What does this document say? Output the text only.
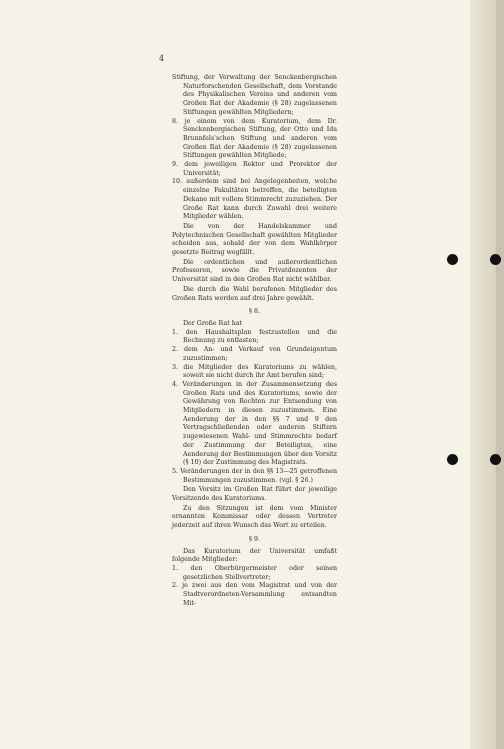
4

Stiftung, der Verwaltung der Senckenbergischen Naturforschenden Gesellschaft, dem Vorstande des Physikalischen Vereins und anderen vom Großen Rat der Akademie (§ 28) zugelassenen Stiftungen gewählten Mitgliedern;

8. je einem von dem Kuratorium, dem Dr. Senckenbergischen Stiftung, der Otto und Ida Brunnfels'schen Stiftung und anderen vom Großen Rat der Akademie (§ 28) zugelassenen Stiftungen gewählten Mitgliede;

9. dem jeweiligen Rektor und Prorektor der Universität;

10. außerdem sind bei Angelegenheiten, welche einzelne Fakultäten betreffen, die beteiligten Dekane mit vollem Stimmrecht zuzuziehen. Der Große Rat kann durch Zuwahl drei weitere Mitglieder wählen.

Die von der Handelskammer und Polytechnischen Gesellschaft gewählten Mitglieder scheiden aus, sobald der von dem Wahlkörper gesetzte Beitrag wegfällt.

Die ordentlichen und außerordentlichen Professoren, sowie die Privatdozenten der Universität sind in den Großen Rat nicht wählbar.

Die durch die Wahl berufenen Mitglieder des Großen Rats werden auf drei Jahre gewählt.

§ 8.

Der Große Rat hat

1. den Haushaltsplan festzustellen und die Rechnung zu entlasten;

2. dem An- und Verkauf von Grundeigentum zuzustimmen;

3. die Mitglieder des Kuratoriums zu wählen, soweit sie nicht durch ihr Amt berufen sind;

4. Veränderungen in der Zusammensetzung des Großen Rats und des Kuratoriums, sowie der Gewährung von Rechten zur Entsendung von Mitgliedern in diesen zuzustimmen. Eine Aenderung der in den §§ 7 und 9 den Vertragschließenden oder anderen Stiftern zugewiesenen Wahl- und Stimmrechte bedarf der Zustimmung der Beteiligten, eine Aenderung der Bestimmungen über den Vorsitz (§ 10) der Zustimmung des Magistrats.

5. Veränderungen der in den §§ 13—25 getroffenen Bestimmungen zuzustimmen. (vgl. § 26.)

Den Vorsitz im Großen Rat führt der jeweilige Vorsitzende des Kuratoriums.

Zu den Sitzungen ist dem vom Minister ernannten Kommissar oder dessen Vertreter jederzeit auf ihren Wunsch das Wort zu erteilen.

§ 9.

Das Kuratorium der Universität umfaßt folgende Mitglieder:

1. den Oberbürgermeister oder seinen gesetzlichen Stellvertreter;

2. je zwei aus den vom Magistrat und von der Stadtverordneten-Versammlung entsandten Mit-
